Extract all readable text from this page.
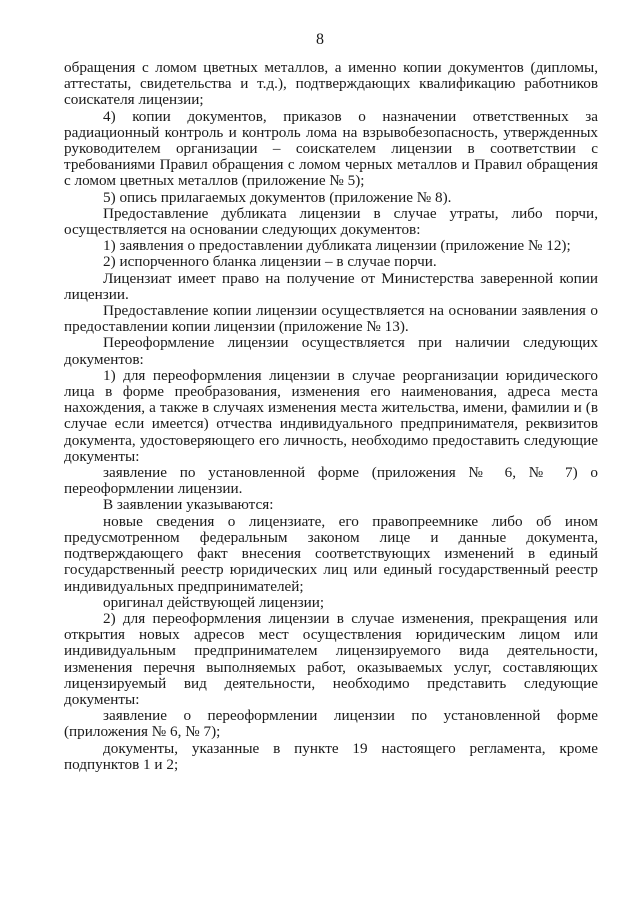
8

обращения с ломом цветных металлов, а именно копии документов (дипломы, аттестаты, свидетельства и т.д.), подтверждающих квалификацию работников соискателя лицензии;

4) копии документов, приказов о назначении ответственных за радиационный контроль и контроль лома на взрывобезопасность, утвержденных руководителем организации – соискателем лицензии в соответствии с требованиями Правил обращения с ломом черных металлов и Правил обращения с ломом цветных металлов (приложение № 5);

5) опись прилагаемых документов (приложение № 8).

Предоставление дубликата лицензии в случае утраты, либо порчи, осуществляется на основании следующих документов:

1) заявления о предоставлении дубликата лицензии (приложение № 12);

2) испорченного бланка лицензии – в случае порчи.

Лицензиат имеет право на получение от Министерства заверенной копии лицензии.

Предоставление копии лицензии осуществляется на основании заявления о предоставлении копии лицензии (приложение № 13).

Переоформление лицензии осуществляется при наличии следующих документов:

1) для переоформления лицензии в случае реорганизации юридического лица в форме преобразования, изменения его наименования, адреса места нахождения, а также в случаях изменения места жительства, имени, фамилии и (в случае если имеется) отчества индивидуального предпринимателя, реквизитов документа, удостоверяющего его личность, необходимо предоставить следующие документы:

заявление по установленной форме (приложения № 6, № 7) о переоформлении лицензии.

В заявлении указываются:

новые сведения о лицензиате, его правопреемнике либо об ином предусмотренном федеральным законом лице и данные документа, подтверждающего факт внесения соответствующих изменений в единый государственный реестр юридических лиц или единый государственный реестр индивидуальных предпринимателей;

оригинал действующей лицензии;

2) для переоформления лицензии в случае изменения, прекращения или открытия новых адресов мест осуществления юридическим лицом или индивидуальным предпринимателем лицензируемого вида деятельности, изменения перечня выполняемых работ, оказываемых услуг, составляющих лицензируемый вид деятельности, необходимо представить следующие документы:

заявление о переоформлении лицензии по установленной форме (приложения № 6, № 7);

документы, указанные в пункте 19 настоящего регламента, кроме подпунктов 1 и 2;
